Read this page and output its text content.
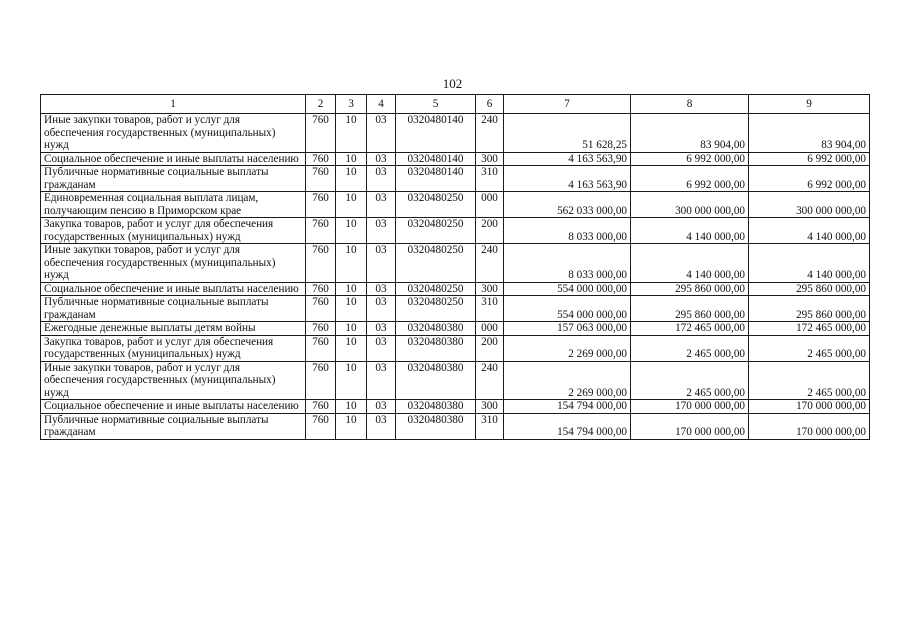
102
1	2	3	4	5	6	7	8	9
Иные закупки товаров, работ и услуг для обеспечения государственных (муниципальных) нужд	760	10	03	0320480140	240	51 628,25	83 904,00	83 904,00
Социальное обеспечение и иные выплаты населению	760	10	03	0320480140	300	4 163 563,90	6 992 000,00	6 992 000,00
Публичные нормативные социальные выплаты гражданам	760	10	03	0320480140	310	4 163 563,90	6 992 000,00	6 992 000,00
Единовременная социальная выплата лицам, получающим пенсию в Приморском крае	760	10	03	0320480250	000	562 033 000,00	300 000 000,00	300 000 000,00
Закупка товаров, работ и услуг для обеспечения государственных (муниципальных) нужд	760	10	03	0320480250	200	8 033 000,00	4 140 000,00	4 140 000,00
Иные закупки товаров, работ и услуг для обеспечения государственных (муниципальных) нужд	760	10	03	0320480250	240	8 033 000,00	4 140 000,00	4 140 000,00
Социальное обеспечение и иные выплаты населению	760	10	03	0320480250	300	554 000 000,00	295 860 000,00	295 860 000,00
Публичные нормативные социальные выплаты гражданам	760	10	03	0320480250	310	554 000 000,00	295 860 000,00	295 860 000,00
Ежегодные денежные выплаты детям войны	760	10	03	0320480380	000	157 063 000,00	172 465 000,00	172 465 000,00
Закупка товаров, работ и услуг для обеспечения государственных (муниципальных) нужд	760	10	03	0320480380	200	2 269 000,00	2 465 000,00	2 465 000,00
Иные закупки товаров, работ и услуг для обеспечения государственных (муниципальных) нужд	760	10	03	0320480380	240	2 269 000,00	2 465 000,00	2 465 000,00
Социальное обеспечение и иные выплаты населению	760	10	03	0320480380	300	154 794 000,00	170 000 000,00	170 000 000,00
Публичные нормативные социальные выплаты гражданам	760	10	03	0320480380	310	154 794 000,00	170 000 000,00	170 000 000,00
